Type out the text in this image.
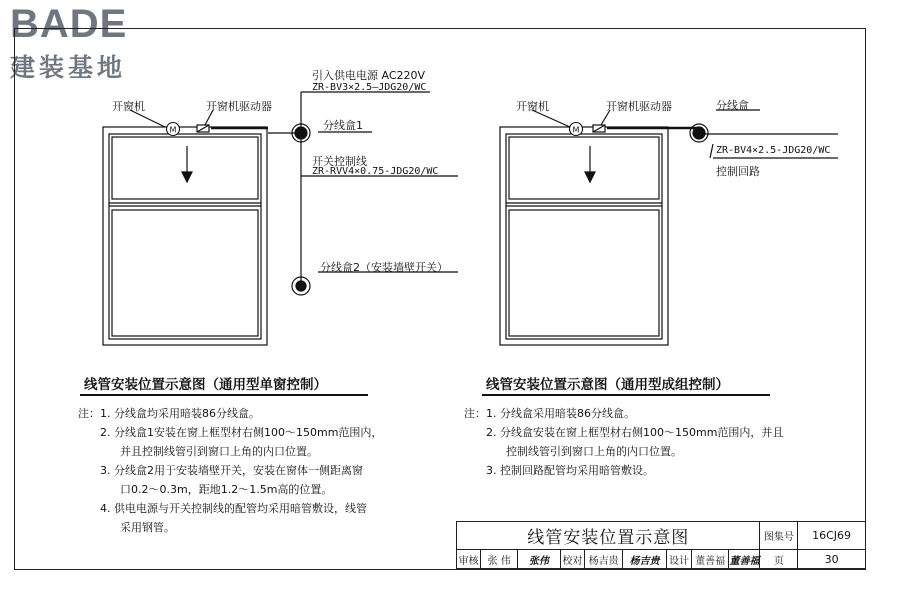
BADE
建装基地
M	M
开窗机	开窗机驱动器
引入供电电源 AC220V
ZR-BV3×2.5—JDG20/WC
分线盒1
开关控制线
ZR-RVV4×0.75-JDG20/WC
分线盒2（安装墙壁开关）
线管安装位置示意图（通用型单窗控制）
开窗机	开窗机驱动器	分线盒
ZR-BV4×2.5-JDG20/WC
控制回路
线管安装位置示意图（通用型成组控制）
注：1. 分线盒均采用暗装86分线盒。
2. 分线盒1安装在窗上框型材右侧100～150mm范围内，
并且控制线管引到窗口上角的内口位置。
3. 分线盒2用于安装墙壁开关，安装在窗体一侧距离窗
口0.2～0.3m，距地1.2～1.5m高的位置。
4. 供电电源与开关控制线的配管均采用暗管敷设，线管
采用钢管。
注：1. 分线盒采用暗装86分线盒。
2. 分线盒安装在窗上框型材右侧100～150mm范围内，并且
控制线管引到窗口上角的内口位置。
3. 控制回路配管均采用暗管敷设。
线管安装位置示意图									图集号	16CJ69
审核	张 伟	张伟	校对	杨吉贵	杨吉贵	设计	董善福	董善福	页	30
